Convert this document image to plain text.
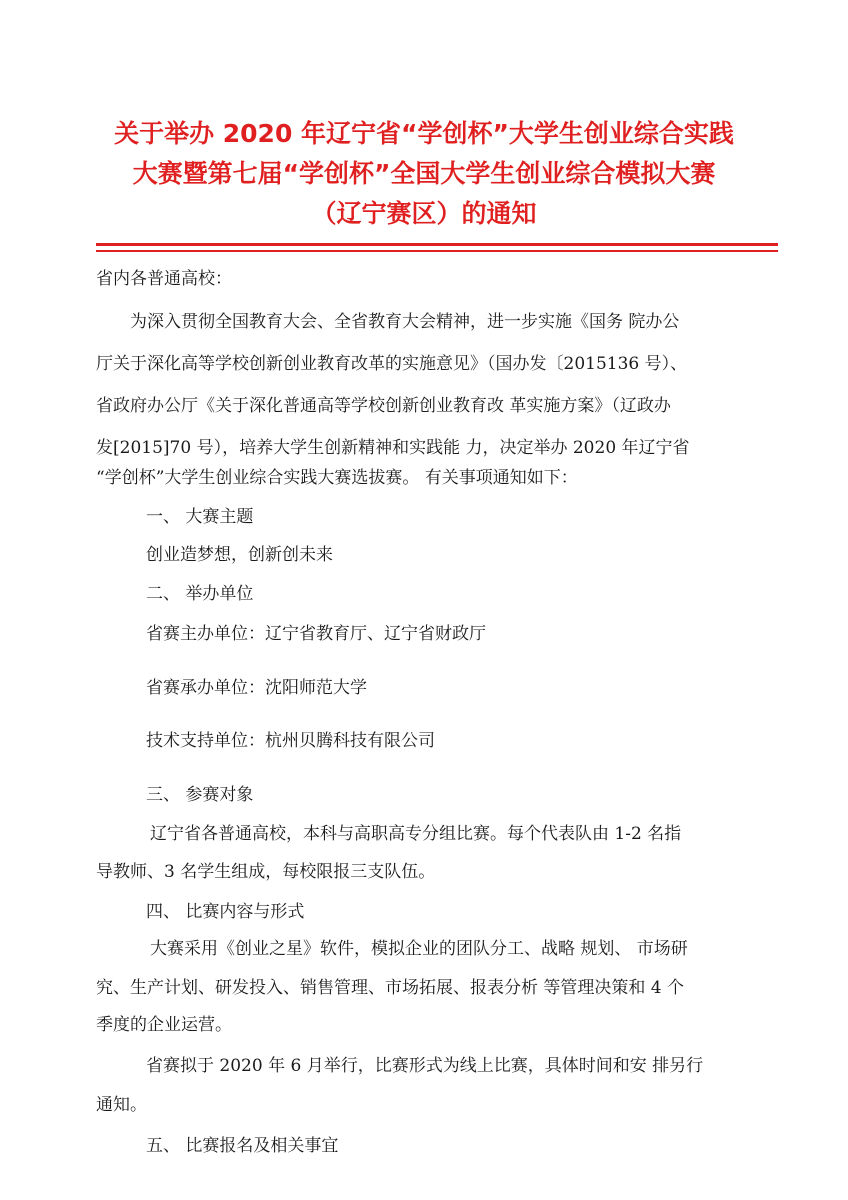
关于举办 2020 年辽宁省“学创杯”大学生创业综合实践
大赛暨第七届“学创杯”全国大学生创业综合模拟大赛
（辽宁赛区）的通知
省内各普通高校：
为深入贯彻全国教育大会、全省教育大会精神，进一步实施《国务 院办公
厅关于深化高等学校创新创业教育改革的实施意见》（国办发〔2015136 号）、
省政府办公厅《关于深化普通高等学校创新创业教育改 革实施方案》（辽政办
发[2015]70 号），培养大学生创新精神和实践能 力，决定举办 2020 年辽宁省
“学创杯”大学生创业综合实践大赛选拔赛。 有关事项通知如下：
一、 大赛主题
创业造梦想，创新创未来
二、 举办单位
省赛主办单位：辽宁省教育厅、辽宁省财政厅
省赛承办单位：沈阳师范大学
技术支持单位：杭州贝腾科技有限公司
三、 参赛对象
辽宁省各普通高校，本科与高职高专分组比赛。每个代表队由 1-2 名指
导教师、3 名学生组成，每校限报三支队伍。
四、 比赛内容与形式
大赛采用《创业之星》软件，模拟企业的团队分工、战略 规划、 市场研
究、生产计划、研发投入、销售管理、市场拓展、报表分析 等管理决策和 4 个
季度的企业运营。
省赛拟于 2020 年 6 月举行，比赛形式为线上比赛，具体时间和安 排另行
通知。
五、 比赛报名及相关事宜
